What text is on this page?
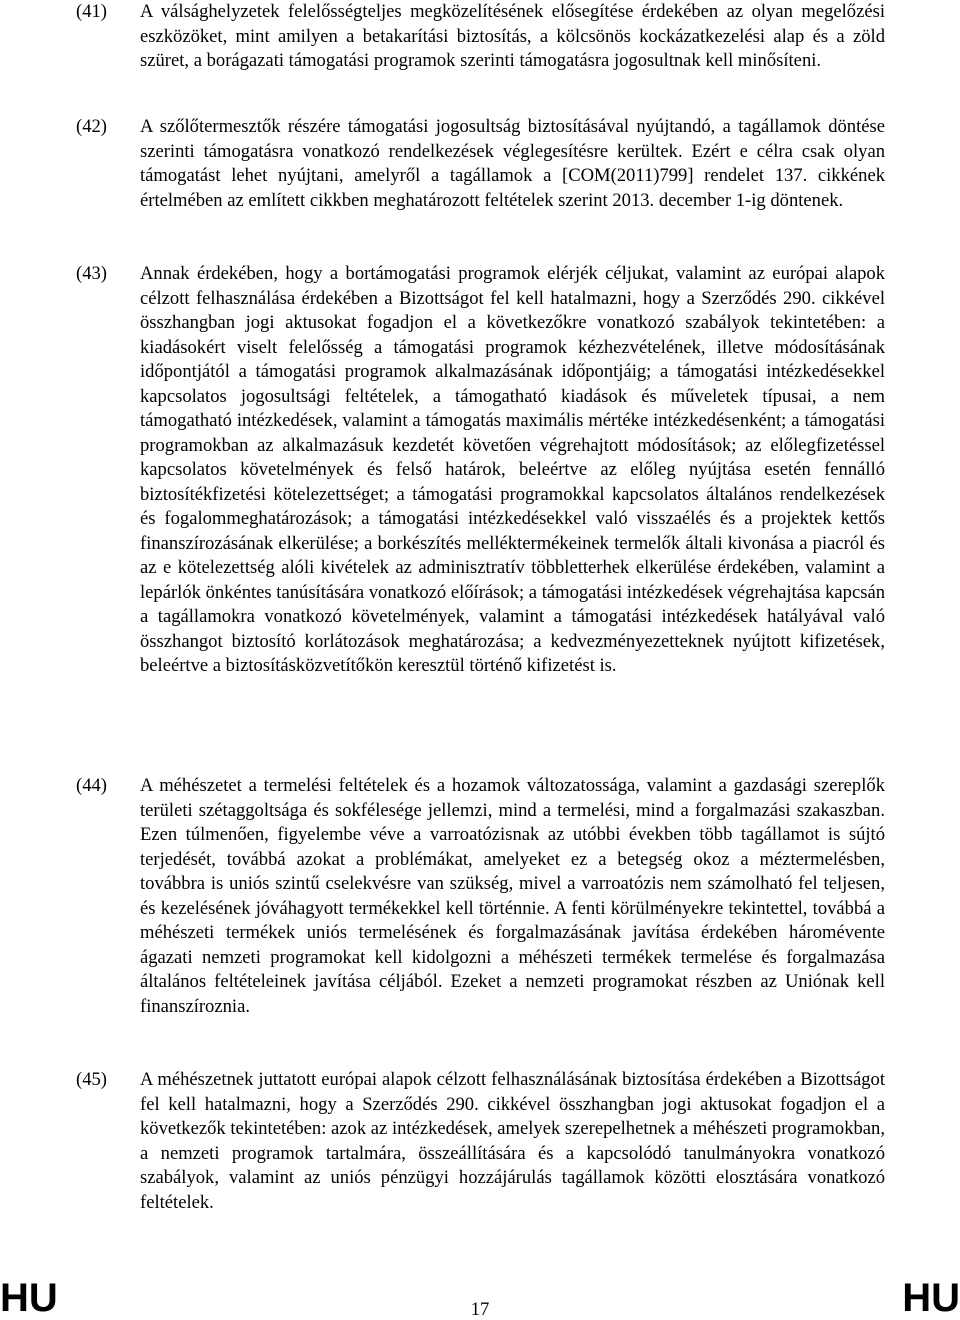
(41) A válsághelyzetek felelősségteljes megközelítésének elősegítése érdekében az olyan megelőzési eszközöket, mint amilyen a betakarítási biztosítás, a kölcsönös kockázatkezelési alap és a zöld szüret, a borágazati támogatási programok szerinti támogatásra jogosultnak kell minősíteni.

(42) A szőlőtermesztők részére támogatási jogosultság biztosításával nyújtandó, a tagállamok döntése szerinti támogatásra vonatkozó rendelkezések véglegesítésre kerültek. Ezért e célra csak olyan támogatást lehet nyújtani, amelyről a tagállamok a [COM(2011)799] rendelet 137. cikkének értelmében az említett cikkben meghatározott feltételek szerint 2013. december 1-ig döntenek.

(43) Annak érdekében, hogy a bortámogatási programok elérjék céljukat, valamint az európai alapok célzott felhasználása érdekében a Bizottságot fel kell hatalmazni, hogy a Szerződés 290. cikkével összhangban jogi aktusokat fogadjon el a következőkre vonatkozó szabályok tekintetében: a kiadásokért viselt felelősség a támogatási programok kézhezvételének, illetve módosításának időpontjától a támogatási programok alkalmazásának időpontjáig; a támogatási intézkedésekkel kapcsolatos jogosultsági feltételek, a támogatható kiadások és műveletek típusai, a nem támogatható intézkedések, valamint a támogatás maximális mértéke intézkedésenként; a támogatási programokban az alkalmazásuk kezdetét követően végrehajtott módosítások; az előlegfizetéssel kapcsolatos követelmények és felső határok, beleértve az előleg nyújtása esetén fennálló biztosítékfizetési kötelezettséget; a támogatási programokkal kapcsolatos általános rendelkezések és fogalommeghatározások; a támogatási intézkedésekkel való visszaélés és a projektek kettős finanszírozásának elkerülése; a borkészítés melléktermékeinek termelők általi kivonása a piacról és az e kötelezettség alóli kivételek az adminisztratív többletterhek elkerülése érdekében, valamint a lepárlók önkéntes tanúsítására vonatkozó előírások; a támogatási intézkedések végrehajtása kapcsán a tagállamokra vonatkozó követelmények, valamint a támogatási intézkedések hatályával való összhangot biztosító korlátozások meghatározása; a kedvezményezetteknek nyújtott kifizetések, beleértve a biztosításközvetítőkön keresztül történő kifizetést is.

(44) A méhészetet a termelési feltételek és a hozamok változatossága, valamint a gazdasági szereplők területi szétaggoltsága és sokfélesége jellemzi, mind a termelési, mind a forgalmazási szakaszban. Ezen túlmenően, figyelembe véve a varroatózisnak az utóbbi években több tagállamot is sújtó terjedését, továbbá azokat a problémákat, amelyeket ez a betegség okoz a méztermelésben, továbbra is uniós szintű cselekvésre van szükség, mivel a varroatózis nem számolható fel teljesen, és kezelésének jóváhagyott termékekkel kell történnie. A fenti körülményekre tekintettel, továbbá a méhészeti termékek uniós termelésének és forgalmazásának javítása érdekében háromévente ágazati nemzeti programokat kell kidolgozni a méhészeti termékek termelése és forgalmazása általános feltételeinek javítása céljából. Ezeket a nemzeti programokat részben az Uniónak kell finanszíroznia.

(45) A méhészetnek juttatott európai alapok célzott felhasználásának biztosítása érdekében a Bizottságot fel kell hatalmazni, hogy a Szerződés 290. cikkével összhangban jogi aktusokat fogadjon el a következők tekintetében: azok az intézkedések, amelyek szerepelhetnek a méhészeti programokban, a nemzeti programok tartalmára, összeállítására és a kapcsolódó tanulmányokra vonatkozó szabályok, valamint az uniós pénzügyi hozzájárulás tagállamok közötti elosztására vonatkozó feltételek.

HU	17	HU
